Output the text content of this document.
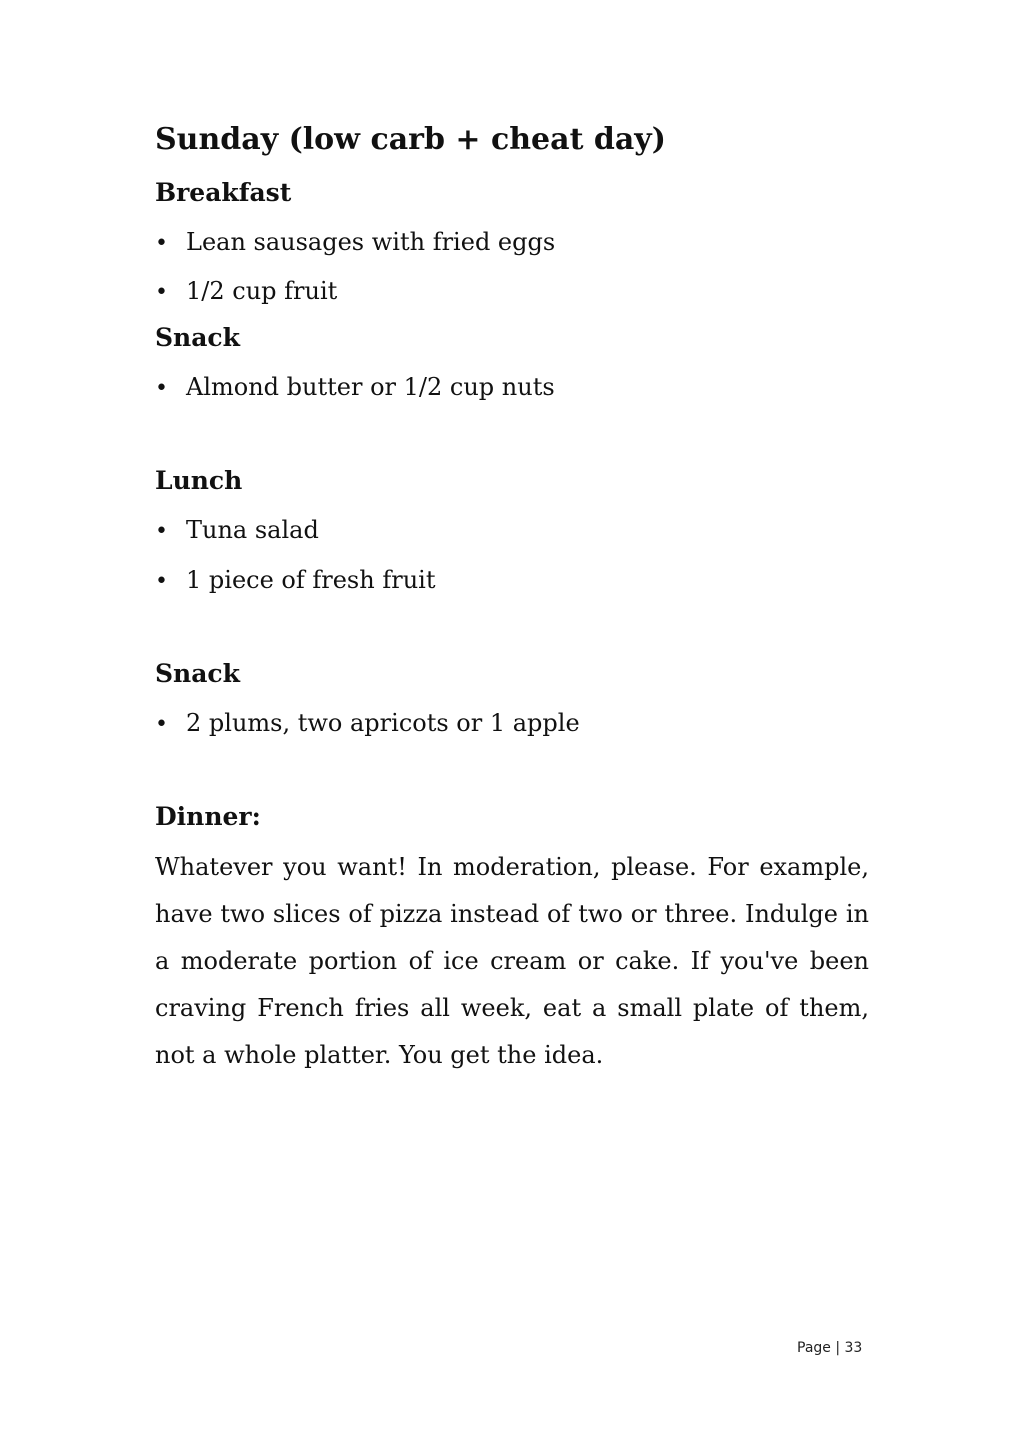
Sunday (low carb + cheat day)
Breakfast

• Lean sausages with fried eggs

• 1/2 cup fruit

Snack

• Almond butter or 1/2 cup nuts

Lunch

• Tuna salad

• 1 piece of fresh fruit

Snack

• 2 plums, two apricots or 1 apple

Dinner:

Whatever you want! In moderation, please. For example, have two slices of pizza instead of two or three. Indulge in a moderate portion of ice cream or cake. If you've been craving French fries all week, eat a small plate of them, not a whole platter. You get the idea.

Page | 33
